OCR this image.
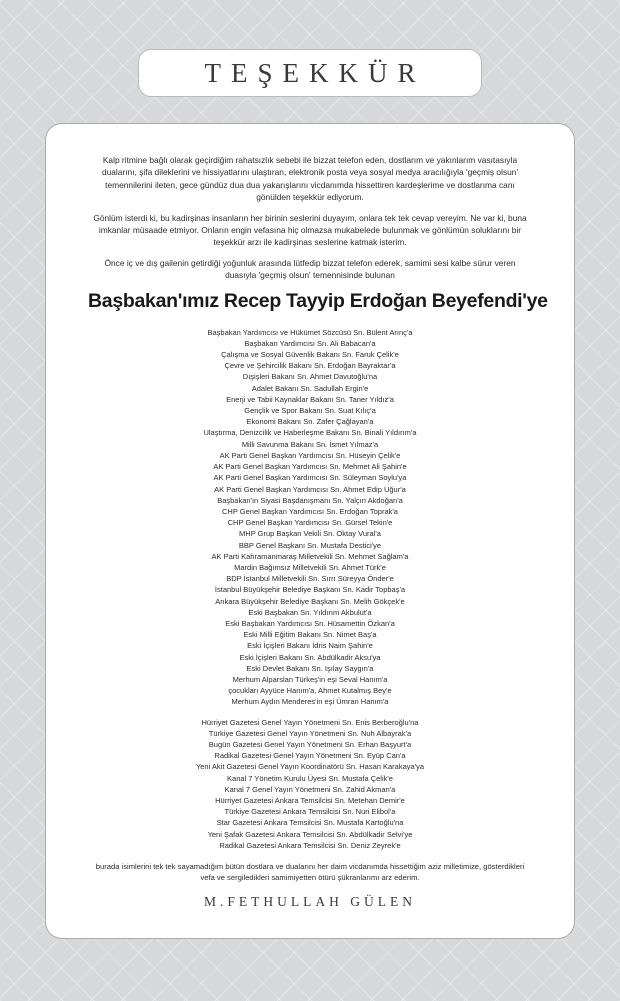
TEŞEKKÜR

Kalp ritmine bağlı olarak geçirdiğim rahatsızlık sebebi ile bizzat telefon eden, dostlarım ve yakınlarım vasıtasıyla dualarını, şifa dileklerini ve hissiyatlarını ulaştıran, elektronik posta veya sosyal medya aracılığıyla 'geçmiş olsun' temennilerini ileten, gece gündüz dua dua yakarışlarını vicdanımda hissettiren kardeşlerime ve dostlarıma canı gönülden teşekkür ediyorum.

Gönlüm isterdi ki, bu kadirşinas insanların her birinin seslerini duyayım, onlara tek tek cevap vereyim. Ne var ki, buna imkanlar müsaade etmiyor. Onların engin vefasına hiç olmazsa mukabelede bulunmak ve gönlümün soluklarını bir teşekkür arzı ile kadirşinas seslerine katmak isterim.

Önce iç ve dış gailenin getirdiği yoğunluk arasında lütfedip bizzat telefon ederek, samimi sesi kalbe sürur veren duasıyla 'geçmiş olsun' temennisinde bulunan

Başbakan'ımız Recep Tayyip Erdoğan Beyefendi'ye
Başbakan Yardımcısı ve Hükümet Sözcüsü Sn. Bülent Arınç'a
Başbakan Yardımcısı Sn. Ali Babacan'a
Çalışma ve Sosyal Güvenlik Bakanı Sn. Faruk Çelik'e
Çevre ve Şehircilik Bakanı Sn. Erdoğan Bayraktar'a
Dışişleri Bakanı Sn. Ahmet Davutoğlu'na
Adalet Bakanı Sn. Sadullah Ergin'e
Enerji ve Tabii Kaynaklar Bakanı Sn. Taner Yıldız'a
Gençlik ve Spor Bakanı Sn. Suat Kılıç'a
Ekonomi Bakanı Sn. Zafer Çağlayan'a
Ulaştırma, Denizcilik ve Haberleşme Bakanı Sn. Binali Yıldırım'a
Milli Savunma Bakanı Sn. İsmet Yılmaz'a
AK Parti Genel Başkan Yardımcısı Sn. Hüseyin Çelik'e
AK Parti Genel Başkan Yardımcısı Sn. Mehmet Ali Şahin'e
AK Parti Genel Başkan Yardımcısı Sn. Süleyman Soylu'ya
AK Parti Genel Başkan Yardımcısı Sn. Ahmet Edip Uğur'a
Başbakan'ın Siyasi Başdanışmanı Sn. Yalçın Akdoğan'a
CHP Genel Başkan Yardımcısı Sn. Erdoğan Toprak'a
CHP Genel Başkan Yardımcısı Sn. Gürsel Tekin'e
MHP Grup Başkan Vekili Sn. Oktay Vural'a
BBP Genel Başkanı Sn. Mustafa Destici'ye
AK Parti Kahramanmaraş Milletvekili Sn. Mehmet Sağlam'a
Mardin Bağımsız Milletvekili Sn. Ahmet Türk'e
BDP İstanbul Milletvekili Sn. Sırrı Süreyya Önder'e
İstanbul Büyükşehir Belediye Başkanı Sn. Kadir Topbaş'a
Ankara Büyükşehir Belediye Başkanı Sn. Melih Gökçek'e
Eski Başbakan Sn. Yıldırım Akbulut'a
Eski Başbakan Yardımcısı Sn. Hüsamettin Özkan'a
Eski Milli Eğitim Bakanı Sn. Nimet Baş'a
Eski İçişleri Bakanı İdris Naim Şahin'e
Eski İçişleri Bakanı Sn. Abdülkadir Aksu'ya
Eski Devlet Bakanı Sn. Işılay Saygın'a
Merhum Alparslan Türkeş'in eşi Seval Hanım'a
çocukları Ayyüce Hanım'a, Ahmet Kutalmış Bey'e
Merhum Aydın Menderes'in eşi Ümran Hanım'a
Hürriyet Gazetesi Genel Yayın Yönetmeni Sn. Enis Berberoğlu'na
Türkiye Gazetesi Genel Yayın Yönetmeni Sn. Nuh Albayrak'a
Bugün Gazetesi Genel Yayın Yönetmeni Sn. Erhan Başyurt'a
Radikal Gazetesi Genel Yayın Yönetmeni Sn. Eyüp Can'a
Yeni Akit Gazetesi Genel Yayın Koordinatörü Sn. Hasan Karakaya'ya
Kanal 7 Yönetim Kurulu Üyesi Sn. Mustafa Çelik'e
Kanal 7 Genel Yayın Yönetmeni Sn. Zahid Akman'a
Hürriyet Gazetesi Ankara Temsilcisi Sn. Metehan Demir'e
Türkiye Gazetesi Ankara Temsilcisi Sn. Nuri Elibol'a
Star Gazetesi Ankara Temsilcisi Sn. Mustafa Kartoğlu'na
Yeni Şafak Gazetesi Ankara Temsilcisi Sn. Abdülkadir Selvi'ye
Radikal Gazetesi Ankara Temsilcisi Sn. Deniz Zeyrek'e

burada isimlerini tek tek sayamadığım bütün dostlara ve dualarını her daim vicdanımda hissettiğim aziz milletimize, gösterdikleri vefa ve sergiledikleri samimiyetten ötürü şükranlarımı arz ederim.

M.FETHULLAH GÜLEN
